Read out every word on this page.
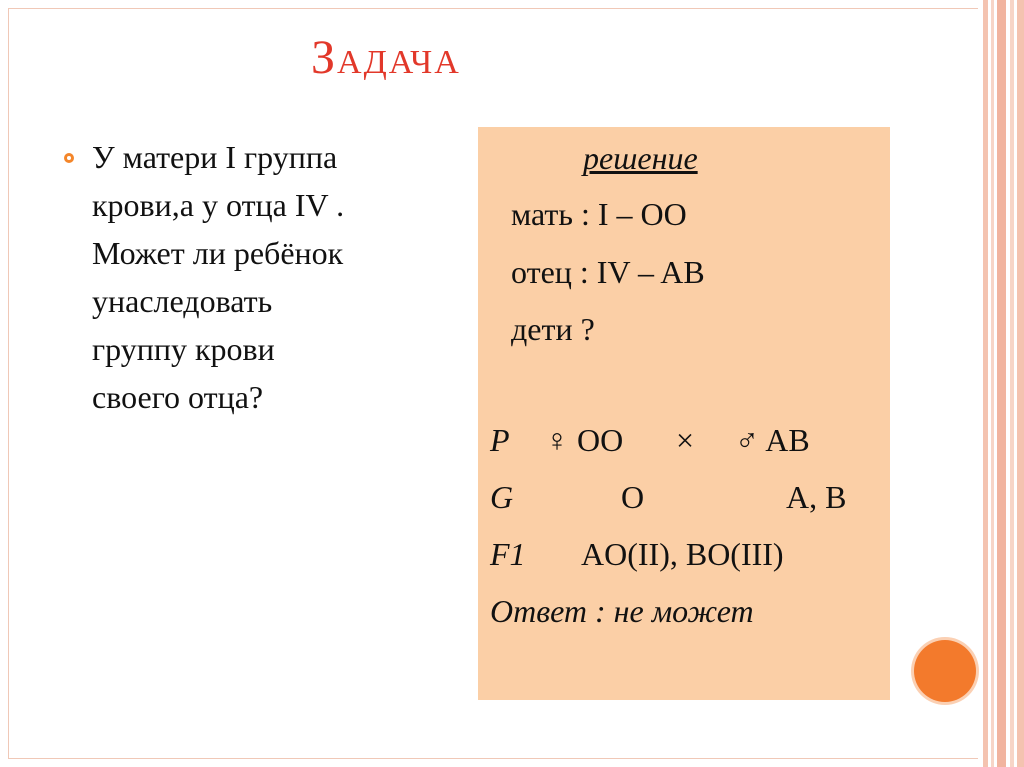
Задача
У матери I группа
крови,а у отца IV .
Может ли ребёнок
унаследовать
группу крови
своего отца?
решение
мать : I – OO
отец : IV – AB
дети ?
P ♀ OO × ♂ AB
G	O	A, B
F1 AO(II), BO(III)
Ответ : не может
